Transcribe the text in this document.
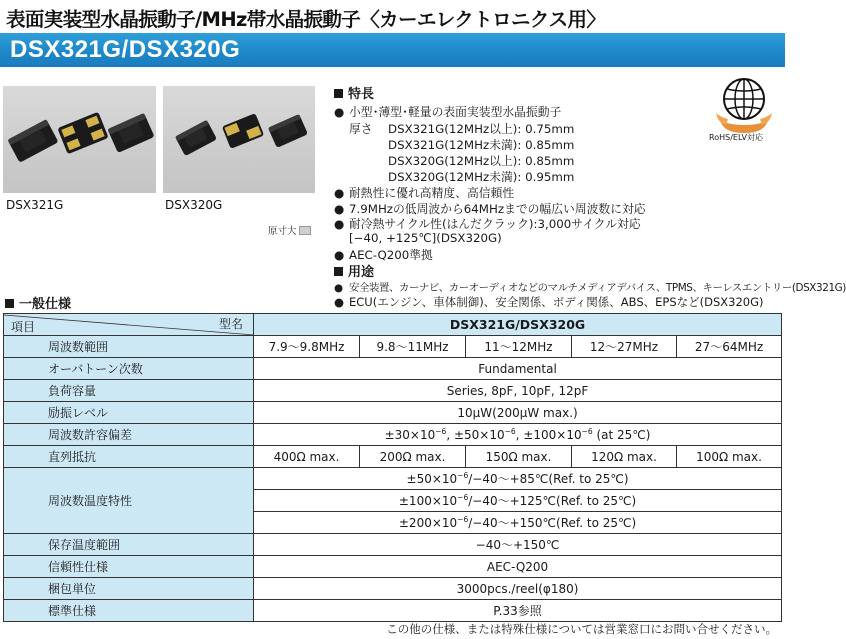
表面実装型水晶振動子/MHz帯水晶振動子〈カーエレクトロニクス用〉
DSX321G/DSX320G
DSX321G	DSX320G
原寸大
特長
● 小型･薄型･軽量の表面実装型水晶振動子
厚さ DSX321G(12MHz以上): 0.75mm
DSX321G(12MHz未満): 0.85mm
DSX320G(12MHz以上): 0.85mm
DSX320G(12MHz未満): 0.95mm
● 耐熱性に優れ高精度、高信頼性
● 7.9MHzの低周波から64MHzまでの幅広い周波数に対応
● 耐冷熱サイクル性(はんだクラック):3,000サイクル対応
[−40, +125℃](DSX320G)
● AEC-Q200準拠
用途
● 安全装置、カーナビ、カーオーディオなどのマルチメディアデバイス、TPMS、キーレスエントリー(DSX321G)
● ECU(エンジン、車体制御)、安全関係、ボディ関係、ABS、EPSなど(DSX320G)
RoHS/ELV対応
一般仕様
項目 型名	DSX321G/DSX320G				
周波数範囲	7.9〜9.8MHz	9.8〜11MHz	11〜12MHz	12〜27MHz	27〜64MHz
オーバトーン次数	Fundamental				
負荷容量	Series, 8pF, 10pF, 12pF				
励振レベル	10μW(200μW max.)				
周波数許容偏差	$\pm 30\times 10^{-6}$, $\pm 50\times 10^{-6}$, $\pm 100\times 10^{-6}$ (at 25℃)				
直列抵抗	400Ω max.	200Ω max.	150Ω max.	120Ω max.	100Ω max.
周波数温度特性	$\pm 50\times 10^{-6}/-40$〜+85℃(Ref. to 25℃)				
	$\pm 100\times 10^{-6}/-40$〜+125℃(Ref. to 25℃)				
	$\pm 200\times 10^{-6}/-40$〜+150℃(Ref. to 25℃)				
保存温度範囲	−40〜+150℃				
信頼性仕様	AEC-Q200				
梱包単位	3000pcs./reel(φ180)				
標準仕様	P.33参照				
この他の仕様、または特殊仕様については営業窓口にお問い合せください。
